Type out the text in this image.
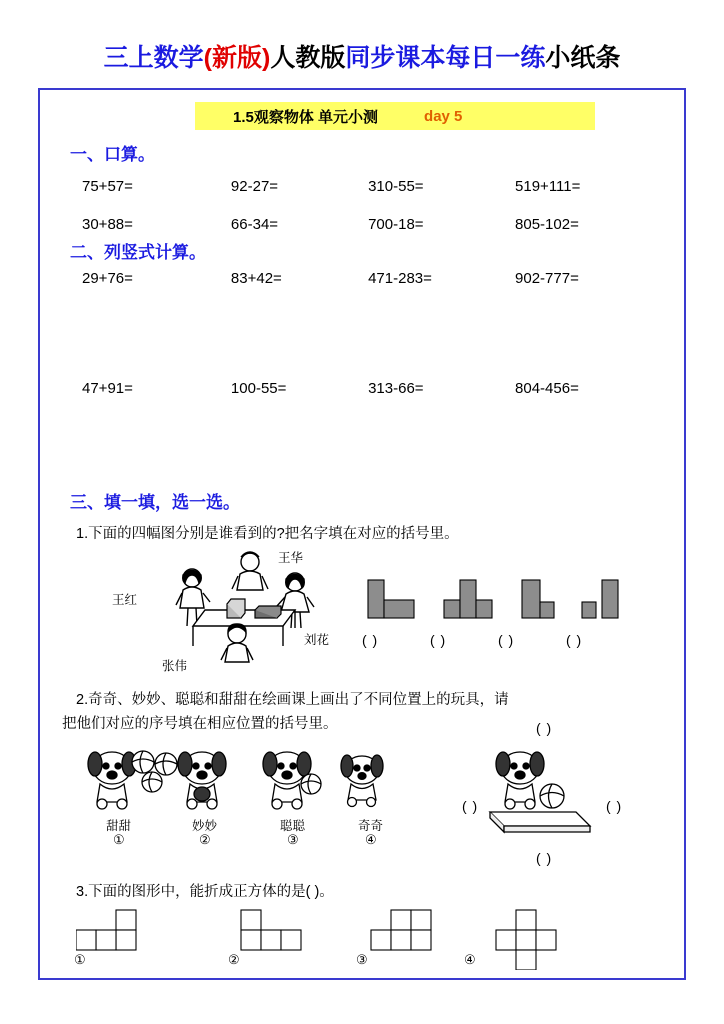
三上数学(新版)人教版同步课本每日一练小纸条
1.5观察物体 单元小测	day 5
一、口算。
75+57=	92-27=	310-55=	519+111=
30+88=	66-34=	700-18=	805-102=
二、列竖式计算。
29+76=	83+42=	471-283=	902-777=
47+91=	100-55=	313-66=	804-456=
三、填一填，选一选。
1.下面的四幅图分别是谁看到的?把名字填在对应的括号里。
王华
王红
刘花
张伟
( )	( )	( )	( )
2.奇奇、妙妙、聪聪和甜甜在绘画课上画出了不同位置上的玩具，请
把他们对应的序号填在相应位置的括号里。
甜甜
①
妙妙
②
聪聪
③
奇奇
④
( )
( )	( )
( )
3.下面的图形中，能折成正方体的是( )。
①	②	③	④
